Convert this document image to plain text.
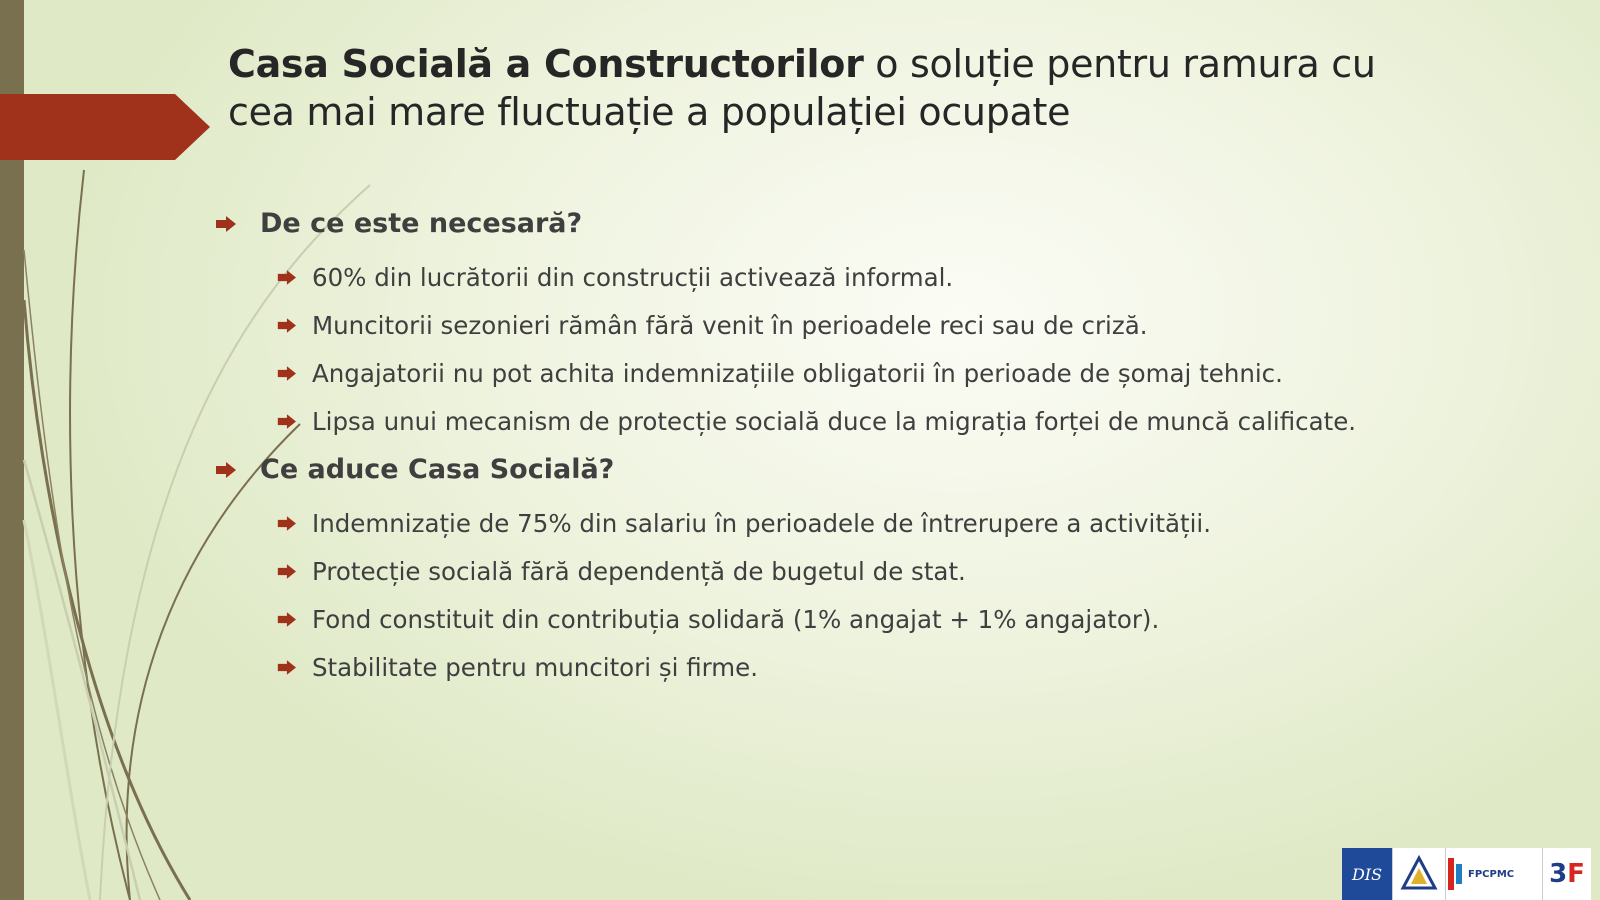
Casa Socială a Constructorilor o soluție pentru ramura cu cea mai mare fluctuație a populației ocupate
De ce este necesară?
60% din lucrătorii din construcții activează informal.
Muncitorii sezonieri rămân fără venit în perioadele reci sau de criză.
Angajatorii nu pot achita indemnizațiile obligatorii în perioade de șomaj tehnic.
Lipsa unui mecanism de protecție socială duce la migrația forței de muncă calificate.
Ce aduce Casa Socială?
Indemnizație de 75% din salariu în perioadele de întrerupere a activității.
Protecție socială fără dependență de bugetul de stat.
Fond constituit din contribuția solidară (1% angajat + 1% angajator).
Stabilitate pentru muncitori și firme.
DIS	FPCPMC 3 F
